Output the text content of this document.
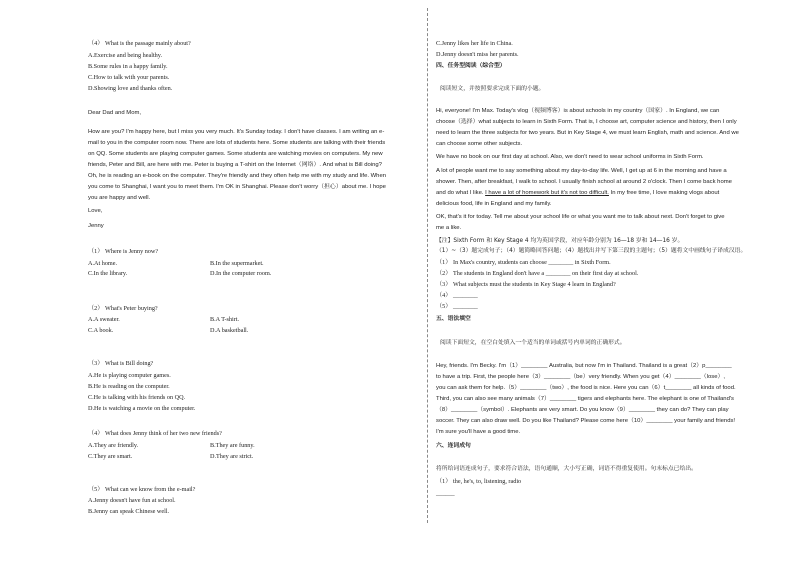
（4） What is the passage mainly about?
A.Exercise and being healthy.
B.Some rules in a happy family.
C.How to talk with your parents.
D.Showing love and thanks often.
Dear Dad and Mom,
How are you? I'm happy here, but I miss you very much. It's Sunday today. I don't have classes. I am writing an e-
mail to you in the computer room now. There are lots of students here. Some students are talking with their friends
on QQ. Some students are playing computer games. Some students are watching movies on computers. My new
friends, Peter and Bill, are here with me. Peter is buying a T-shirt on the Internet（网络）. And what is Bill doing?
Oh, he is reading an e-book on the computer. They're friendly and they often help me with my study and life. When
you come to Shanghai, I want you to meet them. I'm OK in Shanghai. Please don't worry（担心）about me. I hope
you are happy and well.
Love,
Jenny
（1） Where is Jenny now?
A.At home.	B.In the supermarket.
C.In the library.	D.In the computer room.
（2） What's Peter buying?
A.A sweater.	B.A T-shirt.
C.A book.	D.A basketball.
（3） What is Bill doing?
A.He is playing computer games.
B.He is reading on the computer.
C.He is talking with his friends on QQ.
D.He is watching a movie on the computer.
（4） What does Jenny think of her two new friends?
A.They are friendly.	B.They are funny.
C.They are smart.	D.They are strict.
（5） What can we know from the e-mail?
A.Jenny doesn't have fun at school.
B.Jenny can speak Chinese well.
C.Jenny likes her life in China.
D.Jenny doesn't miss her parents.
四、任务型阅读（综合型）
阅读短文，并按照要求完成下面的小题。
Hi, everyone! I'm Max. Today's vlog（视频博客）is about schools in my country（国家）. In England, we can
choose（选择）what subjects to learn in Sixth Form. That is, I choose art, computer science and history, then I only
need to learn the three subjects for two years. But in Key Stage 4, we must learn English, math and science. And we
can choose some other subjects.
We have no book on our first day at school. Also, we don't need to wear school uniforms in Sixth Form.
A lot of people want me to say something about my day-to-day life. Well, I get up at 6 in the morning and have a
shower. Then, after breakfast, I walk to school. I usually finish school at around 2 o'clock. Then I come back home
and do what I like. I have a lot of homework but it's not too difficult. In my free time, I love making vlogs about
delicious food, life in England and my family.
OK, that's it for today. Tell me about your school life or what you want me to talk about next. Don't forget to give
me a like.
【注】Sixth Form 和 Key Stage 4 均为英国学段，对应年龄分别为 16—18 岁和 14—16 岁。
（1）~（3）题完成句子；（4）题简略回答问题；（4）题找出并写下第三段的主题句；（5）题将文中画线句子译成汉语。
（1） In Max's country, students can choose ________ in Sixth Form.
（2） The students in England don't have a ________ on their first day at school.
（3） What subjects must the students in Key Stage 4 learn in England?
（4） ________
（5） ________
五、语法填空
阅读下面短文，在空白处填入一个适当的单词或括号内单词的正确形式。
Hey, friends. I'm Becky. I'm（1）________ Australia, but now I'm in Thailand. Thailand is a great（2）p________
to have a trip. First, the people here（3）________（be）very friendly. When you get（4）________（lose）,
you can ask them for help.（5）________（two）, the food is nice. Here you can（6）t________ all kinds of food.
Third, you can also see many animals（7）________ tigers and elephants here. The elephant is one of Thailand's
（8）________（symbol）. Elephants are very smart. Do you know（9）________ they can do? They can play
soccer. They can also draw well. Do you like Thailand? Please come here（10）________ your family and friends!
I'm sure you'll have a good time.
六、连词成句
将所给词语连成句子，要求符合语法，语句通顺，大小写正确，词语不得重复使用。句末标点已给出。
（1） the, he's, to, listening, radio
______
